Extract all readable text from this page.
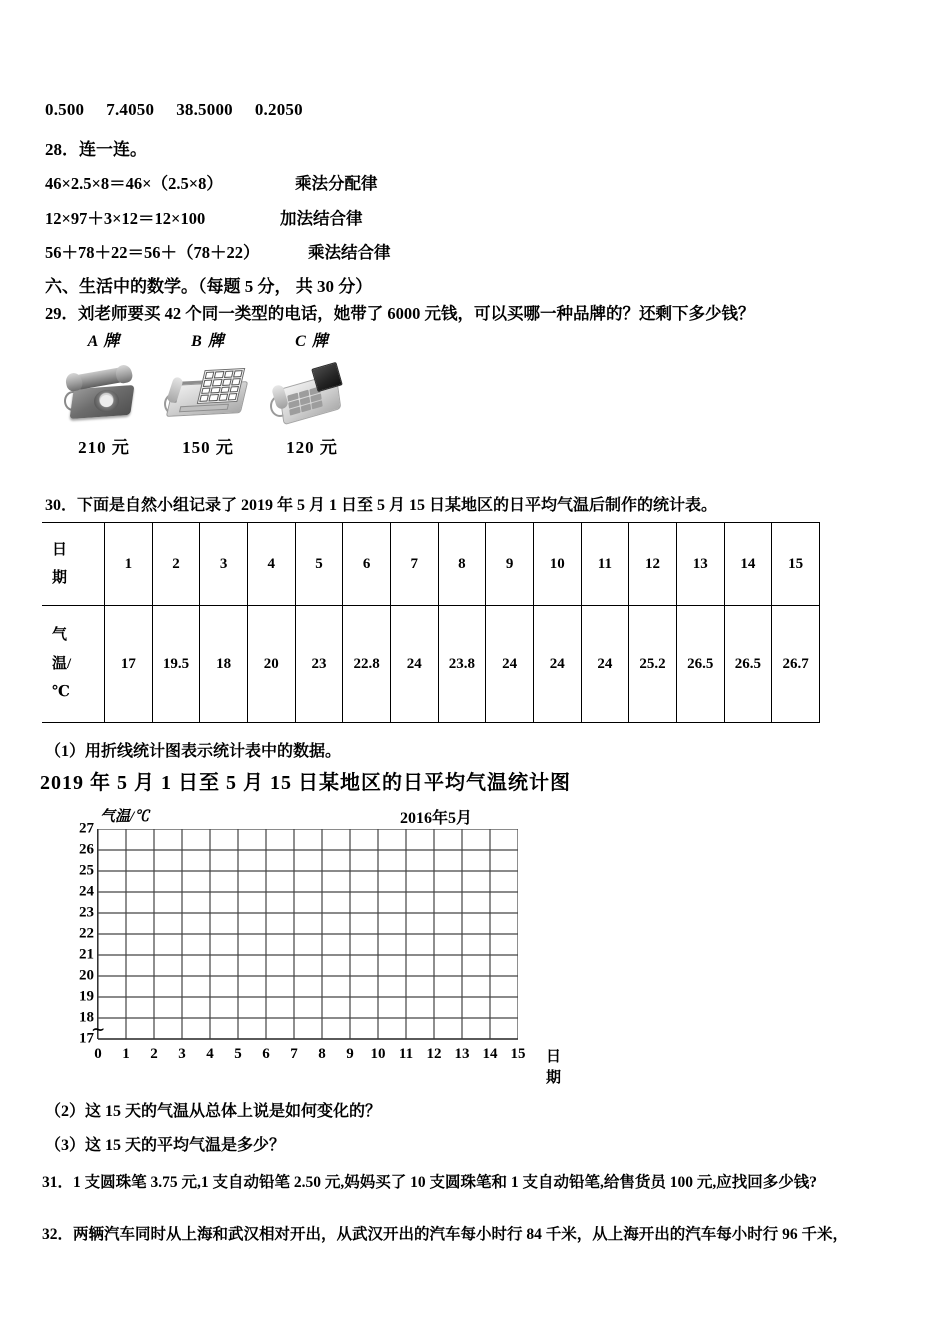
0.500 7.4050 38.5000 0.2050
28．连一连。
46×2.5×8＝46×（2.5×8）	乘法分配律
12×97＋3×12＝12×100	加法结合律
56＋78＋22＝56＋（78＋22）	乘法结合律
六、生活中的数学。（每题 5 分， 共 30 分）
29．刘老师要买 42 个同一类型的电话，她带了 6000 元钱，可以买哪一种品牌的？还剩下多少钱？
A 牌
210 元
B 牌
150 元
C 牌
120 元
30．下面是自然小组记录了 2019 年 5 月 1 日至 5 月 15 日某地区的日平均气温后制作的统计表。
日
期	1	2	3	4	5	6	7	8	9	10	11	12	13	14	15

气
温/
℃	17	19.5	18	20	23	22.8	24	23.8	24	24	24	25.2	26.5	26.5	26.7
（1）用折线统计图表示统计表中的数据。
2019 年 5 月 1 日至 5 月 15 日某地区的日平均气温统计图
气温/℃	2016年5月
27
26
25
24
23
22
21
20
19
18
17
0 1 2 3 4 5 6 7 8 9 10 11 12 13 14 15
∼
日 期
（2）这 15 天的气温从总体上说是如何变化的？
（3）这 15 天的平均气温是多少？
31．1 支圆珠笔 3.75 元,1 支自动铅笔 2.50 元,妈妈买了 10 支圆珠笔和 1 支自动铅笔,给售货员 100 元,应找回多少钱?
32．两辆汽车同时从上海和武汉相对开出，从武汉开出的汽车每小时行 84 千米，从上海开出的汽车每小时行 96 千米，
